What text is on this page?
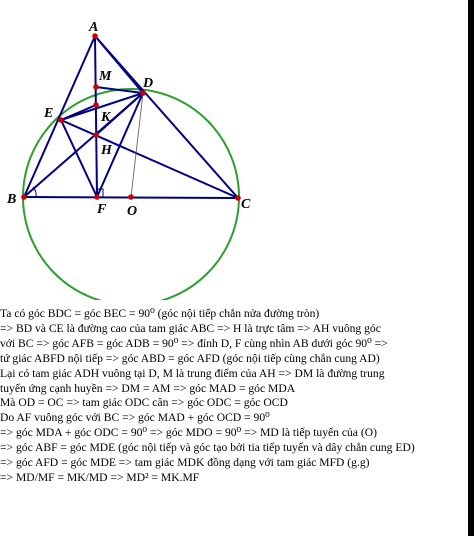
A
M D
E	K
H
B
F O	C
Ta có góc BDC = góc BEC = 90⁰ (góc nội tiếp chắn nửa đường tròn)
=> BD và CE là đường cao của tam giác ABC => H là trực tâm => AH vuông góc
với BC => góc AFB = góc ADB = 90⁰ => đỉnh D, F cùng nhìn AB dưới góc 90⁰ =>
tứ giác ABFD nội tiếp => góc ABD = góc AFD (góc nội tiếp cùng chắn cung AD)
Lại có tam giác ADH vuông tại D, M là trung điểm của AH => DM là đường trung
tuyến ứng cạnh huyền => DM = AM => góc MAD = góc MDA
Mà OD = OC => tam giác ODC cân => góc ODC = góc OCD
Do AF vuông góc với BC => góc MAD + góc OCD = 90⁰
=> góc MDA + góc ODC = 90⁰ => góc MDO = 90⁰ => MD là tiếp tuyến của (O)
=> góc ABF = góc MDE (góc nội tiếp và góc tạo bởi tia tiếp tuyến và dây chắn cung ED)
=> góc AFD = góc MDE => tam giác MDK đồng dạng với tam giác MFD (g.g)
=> MD/MF = MK/MD => MD² = MK.MF
